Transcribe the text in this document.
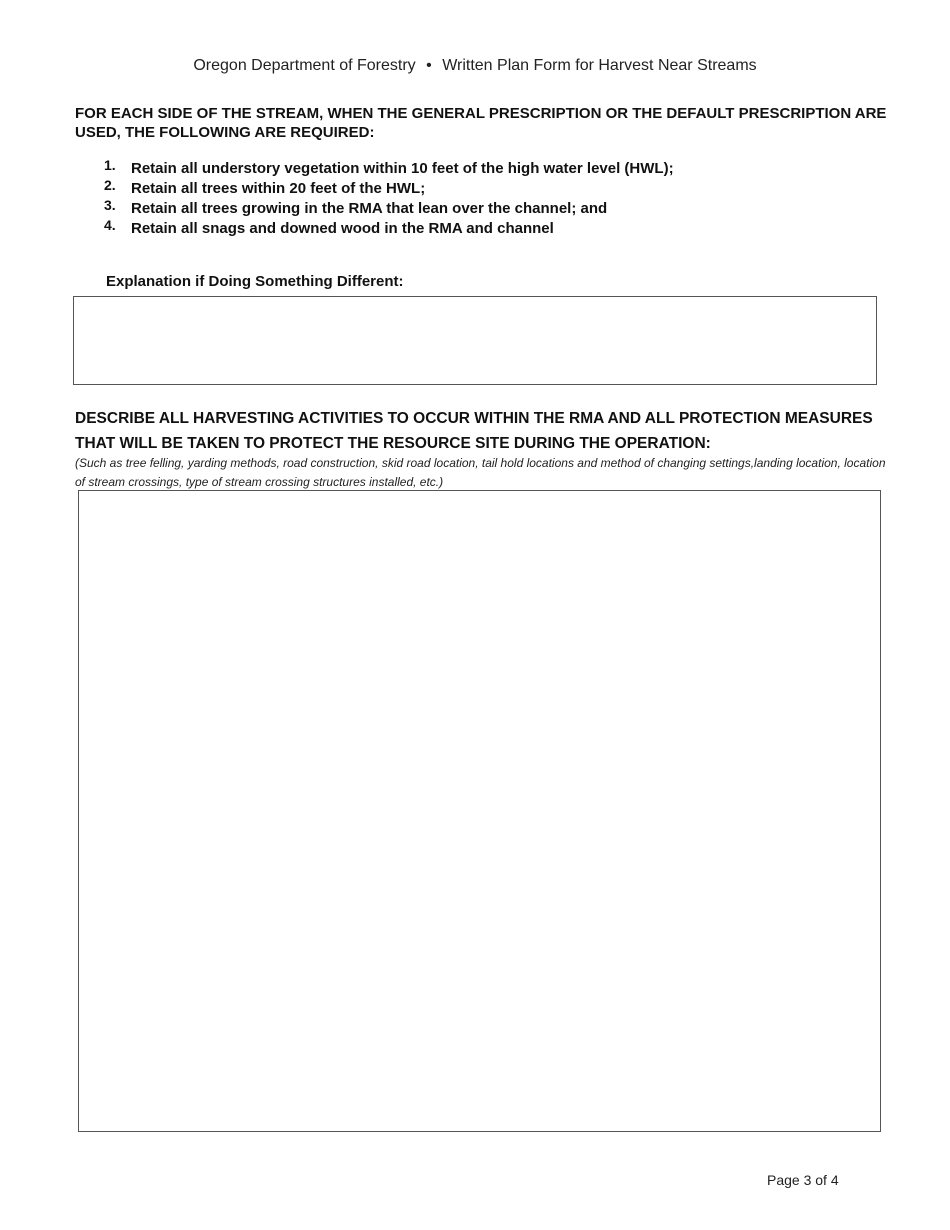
Oregon Department of Forestry • Written Plan Form for Harvest Near Streams
FOR EACH SIDE OF THE STREAM, WHEN THE GENERAL PRESCRIPTION OR THE DEFAULT PRESCRIPTION ARE USED, THE FOLLOWING ARE REQUIRED:
1.	Retain all understory vegetation within 10 feet of the high water level (HWL);
2.	Retain all trees within 20 feet of the HWL;
3.	Retain all trees growing in the RMA that lean over the channel; and
4.	Retain all snags and downed wood in the RMA and channel
Explanation if Doing Something Different:
DESCRIBE ALL HARVESTING ACTIVITIES TO OCCUR WITHIN THE RMA AND ALL PROTECTION MEASURES THAT WILL BE TAKEN TO PROTECT THE RESOURCE SITE DURING THE OPERATION:
(Such as tree felling, yarding methods, road construction, skid road location, tail hold locations and method of changing settings,landing location, location of stream crossings, type of stream crossing structures installed, etc.)
Page 3 of 4
